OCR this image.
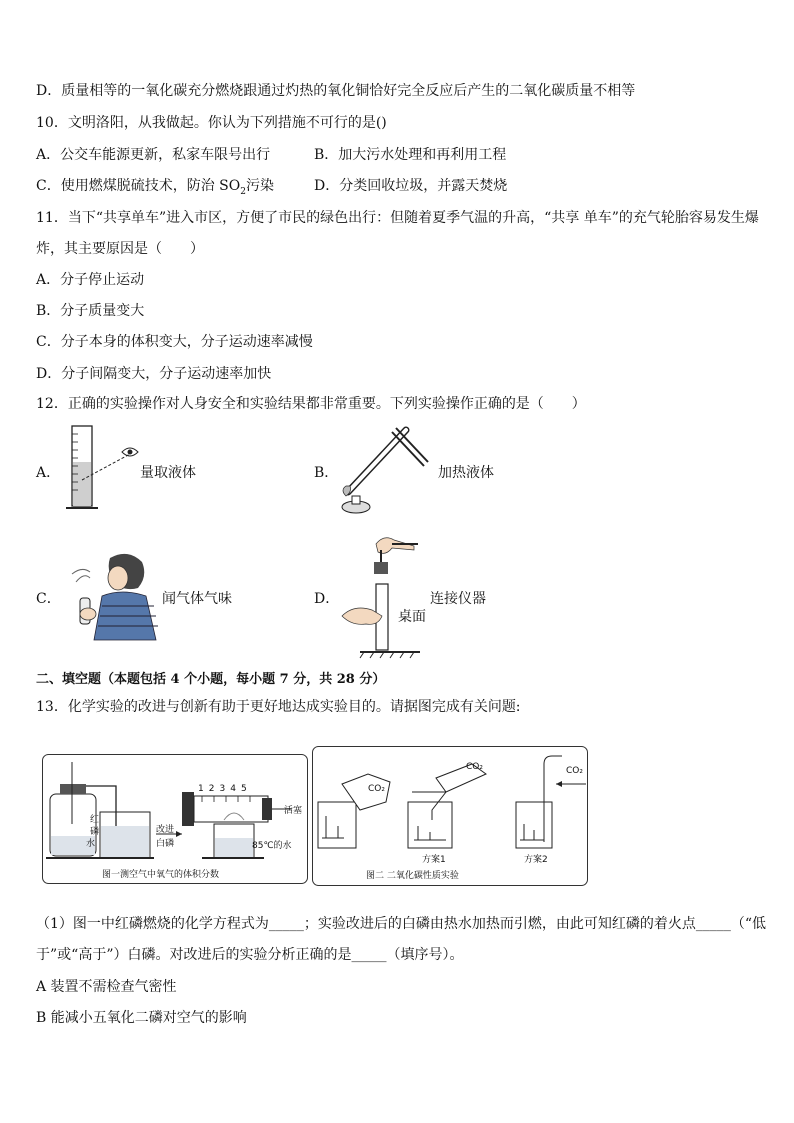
D．质量相等的一氧化碳充分燃烧跟通过灼热的氧化铜恰好完全反应后产生的二氧化碳质量不相等
10．文明洛阳，从我做起。你认为下列措施不可行的是()
A．公交车能源更新，私家车限号出行	B．加大污水处理和再利用工程
C．使用燃煤脱硫技术，防治 $SO_2$污染	D．分类回收垃圾，并露天焚烧
11．当下“共享单车”进入市区，方便了市民的绿色出行：但随着夏季气温的升高，“共享 单车”的充气轮胎容易发生爆
炸，其主要原因是（　　）
A．分子停止运动
B．分子质量变大
C．分子本身的体积变大，分子运动速率减慢
D．分子间隔变大，分子运动速率加快
12．正确的实验操作对人身安全和实验结果都非常重要。下列实验操作正确的是（　　）
A．	量取液体	B．	加热液体
C．	闻气体气味	D．	连接仪器
桌面
二、填空题（本题包括 4 个小题，每小题 7 分，共 28 分）
13．化学实验的改进与创新有助于更好地达成实验目的。请据图完成有关问题:
红
磷
水
改进
白磷
12345
活塞
85℃的水
图一测空气中氧气的体积分数
CO₂
CO₂	CO₂
方案1	方案2
图二 二氧化碳性质实验
（1）图一中红磷燃烧的化学方程式为_____；实验改进后的白磷由热水加热而引燃，由此可知红磷的着火点_____（“低
于”或“高于”）白磷。对改进后的实验分析正确的是_____（填序号）。
A 装置不需检查气密性
B 能减小五氧化二磷对空气的影响
